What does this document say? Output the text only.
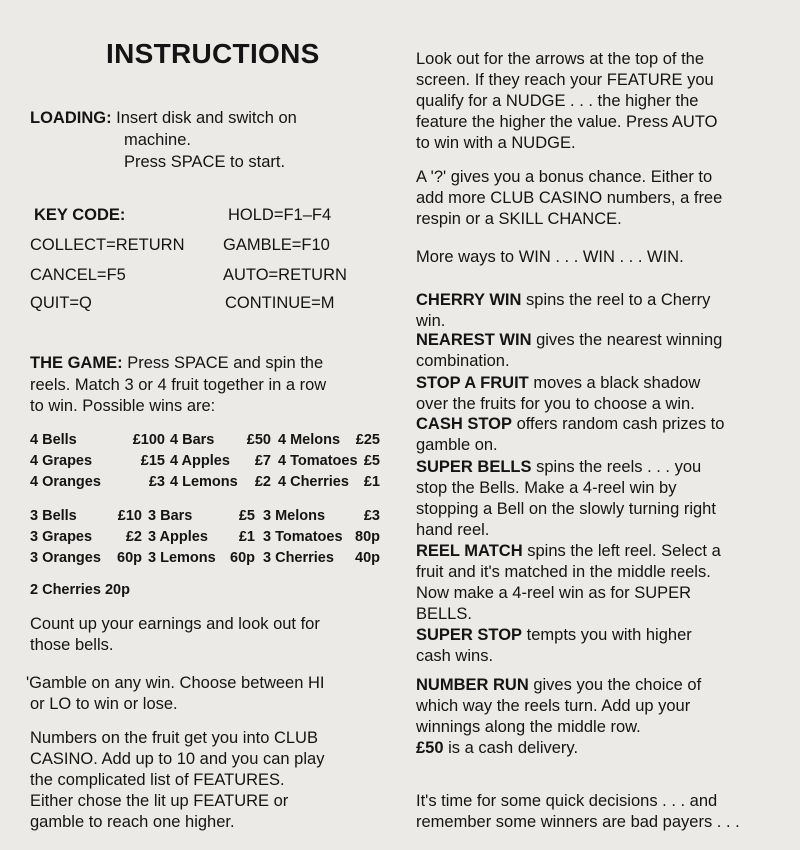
INSTRUCTIONS
LOADING: Insert disk and switch on
machine.
Press SPACE to start.
KEY CODE:	HOLD=F1–F4
COLLECT=RETURN GAMBLE=F10
CANCEL=F5	AUTO=RETURN
QUIT=Q	CONTINUE=M
THE GAME: Press SPACE and spin the
reels. Match 3 or 4 fruit together in a row
to win. Possible wins are:
4 Bells	£100 4 Bars	£50 4 Melons	£25
4 Grapes	£15 4 Apples	£7 4 Tomatoes £5
4 Oranges	£3 4 Lemons	£2 4 Cherries	£1
3 Bells	£10 3 Bars	£5 3 Melons	£3
3 Grapes	£2 3 Apples	£1 3 Tomatoes 80p
3 Oranges	60p 3 Lemons 60p 3 Cherries	40p
2 Cherries 20p
Count up your earnings and look out for
those bells.
'Gamble on any win. Choose between HI
or LO to win or lose.
Numbers on the fruit get you into CLUB
CASINO. Add up to 10 and you can play
the complicated list of FEATURES.
Either chose the lit up FEATURE or
gamble to reach one higher.
Look out for the arrows at the top of the
screen. If they reach your FEATURE you
qualify for a NUDGE . . . the higher the
feature the higher the value. Press AUTO
to win with a NUDGE.
A '?' gives you a bonus chance. Either to
add more CLUB CASINO numbers, a free
respin or a SKILL CHANCE.
More ways to WIN . . . WIN . . . WIN.
CHERRY WIN spins the reel to a Cherry
win.
NEAREST WIN gives the nearest winning
combination.
STOP A FRUIT moves a black shadow
over the fruits for you to choose a win.
CASH STOP offers random cash prizes to
gamble on.
SUPER BELLS spins the reels . . . you
stop the Bells. Make a 4-reel win by
stopping a Bell on the slowly turning right
hand reel.
REEL MATCH spins the left reel. Select a
fruit and it's matched in the middle reels.
Now make a 4-reel win as for SUPER
BELLS.
SUPER STOP tempts you with higher
cash wins.
NUMBER RUN gives you the choice of
which way the reels turn. Add up your
winnings along the middle row.
£50 is a cash delivery.
It's time for some quick decisions . . . and
remember some winners are bad payers . . .
